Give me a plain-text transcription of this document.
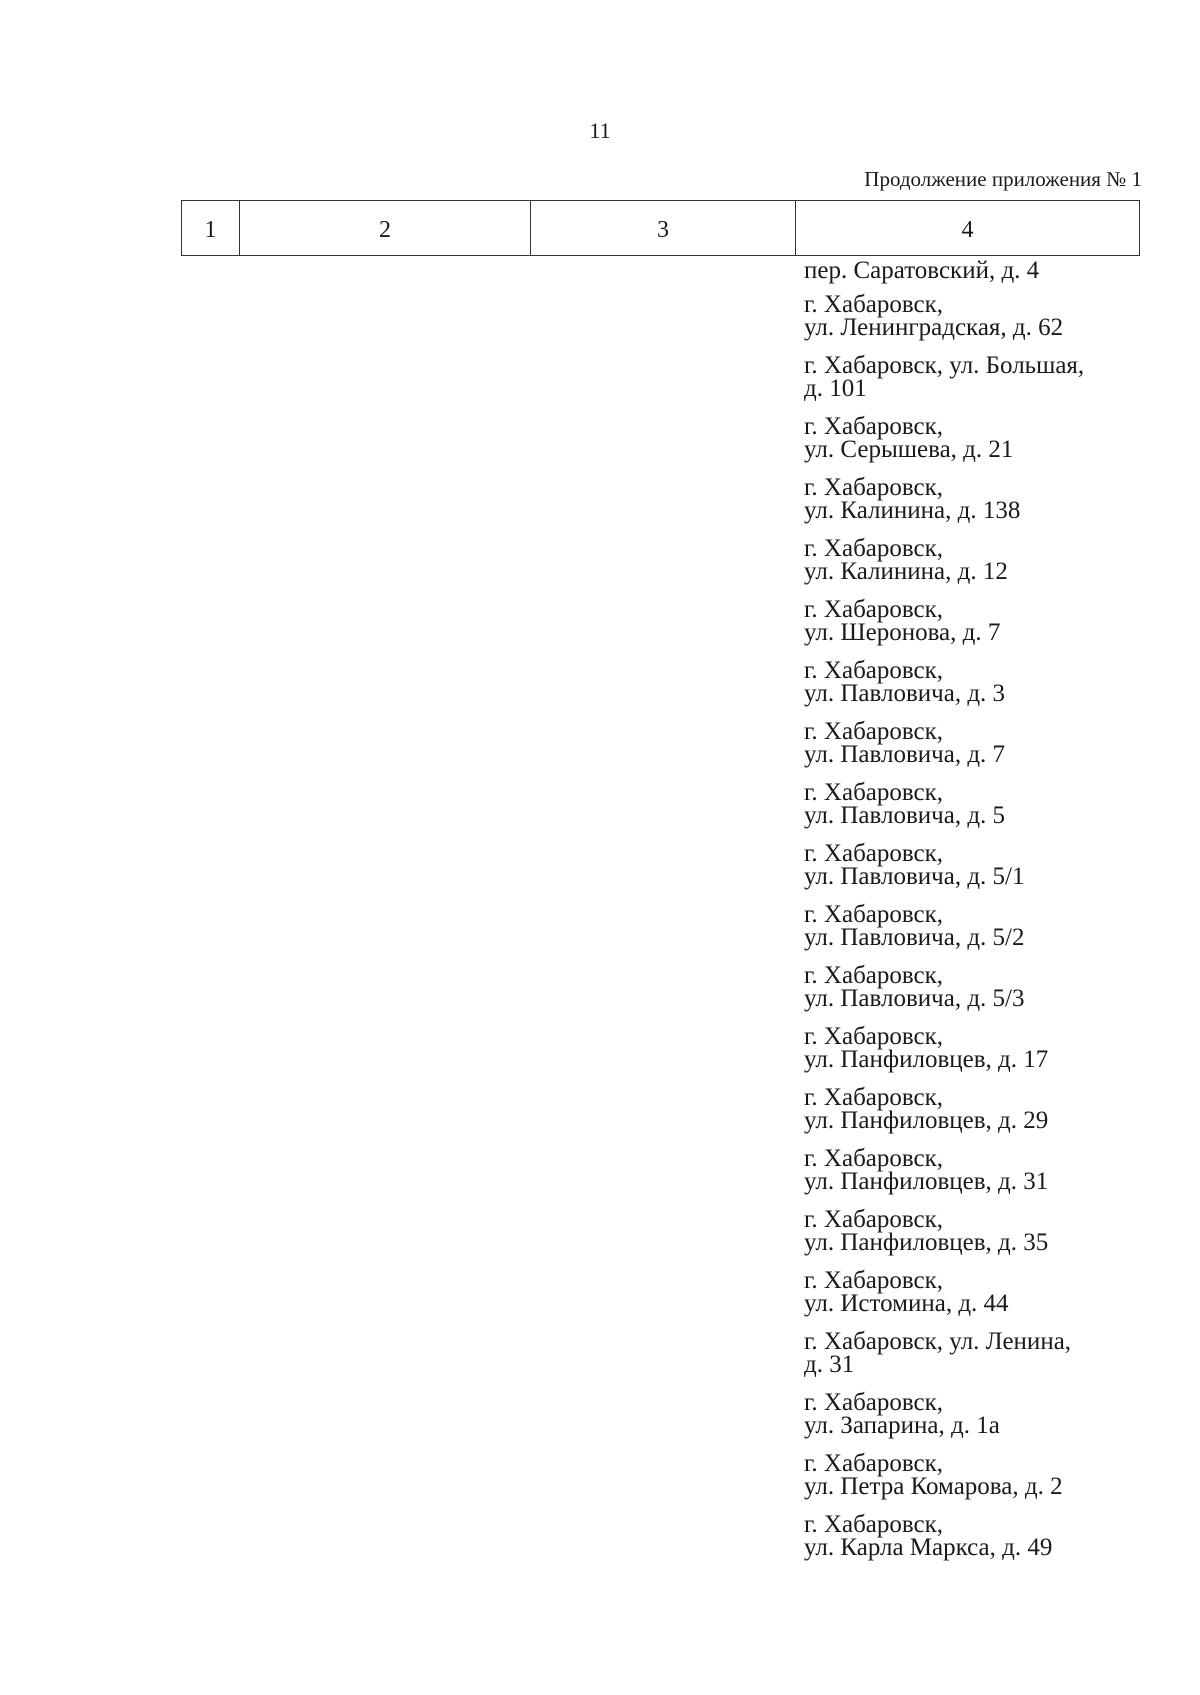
11
Продолжение приложения № 1
1	2	3	4
пер. Саратовский, д. 4
г. Хабаровск,
ул. Ленинградская, д. 62
г. Хабаровск, ул. Большая,
д. 101
г. Хабаровск,
ул. Серышева, д. 21
г. Хабаровск,
ул. Калинина, д. 138
г. Хабаровск,
ул. Калинина, д. 12
г. Хабаровск,
ул. Шеронова, д. 7
г. Хабаровск,
ул. Павловича, д. 3
г. Хабаровск,
ул. Павловича, д. 7
г. Хабаровск,
ул. Павловича, д. 5
г. Хабаровск,
ул. Павловича, д. 5/1
г. Хабаровск,
ул. Павловича, д. 5/2
г. Хабаровск,
ул. Павловича, д. 5/3
г. Хабаровск,
ул. Панфиловцев, д. 17
г. Хабаровск,
ул. Панфиловцев, д. 29
г. Хабаровск,
ул. Панфиловцев, д. 31
г. Хабаровск,
ул. Панфиловцев, д. 35
г. Хабаровск,
ул. Истомина, д. 44
г. Хабаровск, ул. Ленина,
д. 31
г. Хабаровск,
ул. Запарина, д. 1а
г. Хабаровск,
ул. Петра Комарова, д. 2
г. Хабаровск,
ул. Карла Маркса, д. 49
